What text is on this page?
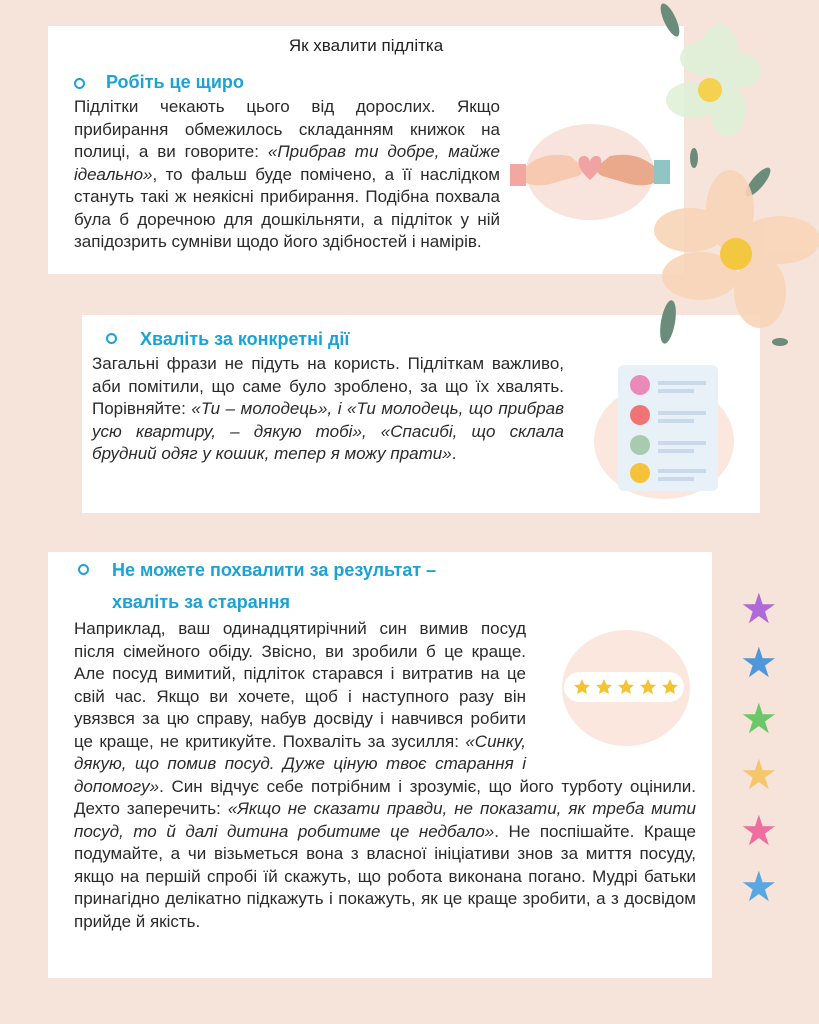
Як хвалити підлітка
Робіть це щиро
Підлітки чекають цього від дорослих. Якщо прибирання обмежилось складанням книжок на полиці, а ви говорите: «Прибрав ти добре, майже ідеально», то фальш буде помічено, а її наслідком стануть такі ж неякісні прибирання. Подібна похвала була б доречною для дошкільняти, а підліток у ній запідозрить сумніви щодо його здібностей і намірів.
Хваліть за конкретні дії
Загальні фрази не підуть на користь. Підліткам важливо, аби помітили, що саме було зроблено, за що їх хвалять. Порівняйте: «Ти – молодець», і «Ти молодець, що прибрав усю квартиру, – дякую тобі», «Спасибі, що склала брудний одяг у кошик, тепер я можу прати».
Не можете похвалити за результат –
хваліть за старання
Наприклад, ваш одинадцятирічний син вимив посуд після сімейного обіду. Звісно, ви зробили б це краще. Але посуд вимитий, підліток старався і витратив на це свій час. Якщо ви хочете, щоб і наступного разу він увязвся за цю справу, набув досвіду і навчився робити це краще, не критикуйте. Похваліть за зусилля: «Синку, дякую, що помив посуд. Дуже ціную твоє старання і допомогу». Син відчує себе потрібним і зрозуміє, що його турботу оцінили. Дехто заперечить: «Якщо не сказати правди, не показати, як треба мити посуд, то й далі дитина робитиме це недбало». Не поспішайте. Краще подумайте, а чи візьметься вона з власної ініціативи знов за миття посуду, якщо на першій спробі їй скажуть, що робота виконана погано. Мудрі батьки принагідно делікатно підкажуть і покажуть, як це краще зробити, а з досвідом прийде й якість.
★
★
★
★
★
★
